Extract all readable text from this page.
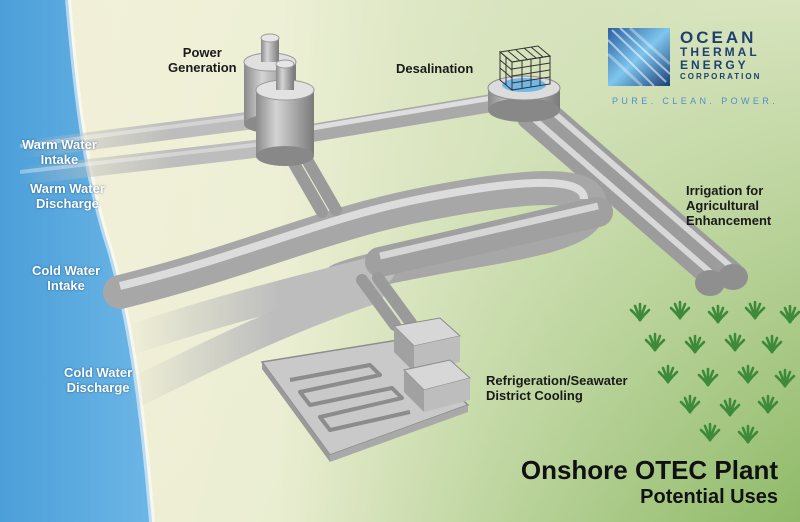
OCEAN
THERMAL
ENERGY
CORPORATION
PURE. CLEAN. POWER.
Power
Generation	Desalination
Irrigation for
Agricultural
Enhancement
Refrigeration/Seawater
District Cooling
Warm Water
Intake
Warm Water
Discharge
Cold Water
Intake
Cold Water
Discharge
Onshore OTEC Plant
Potential Uses
